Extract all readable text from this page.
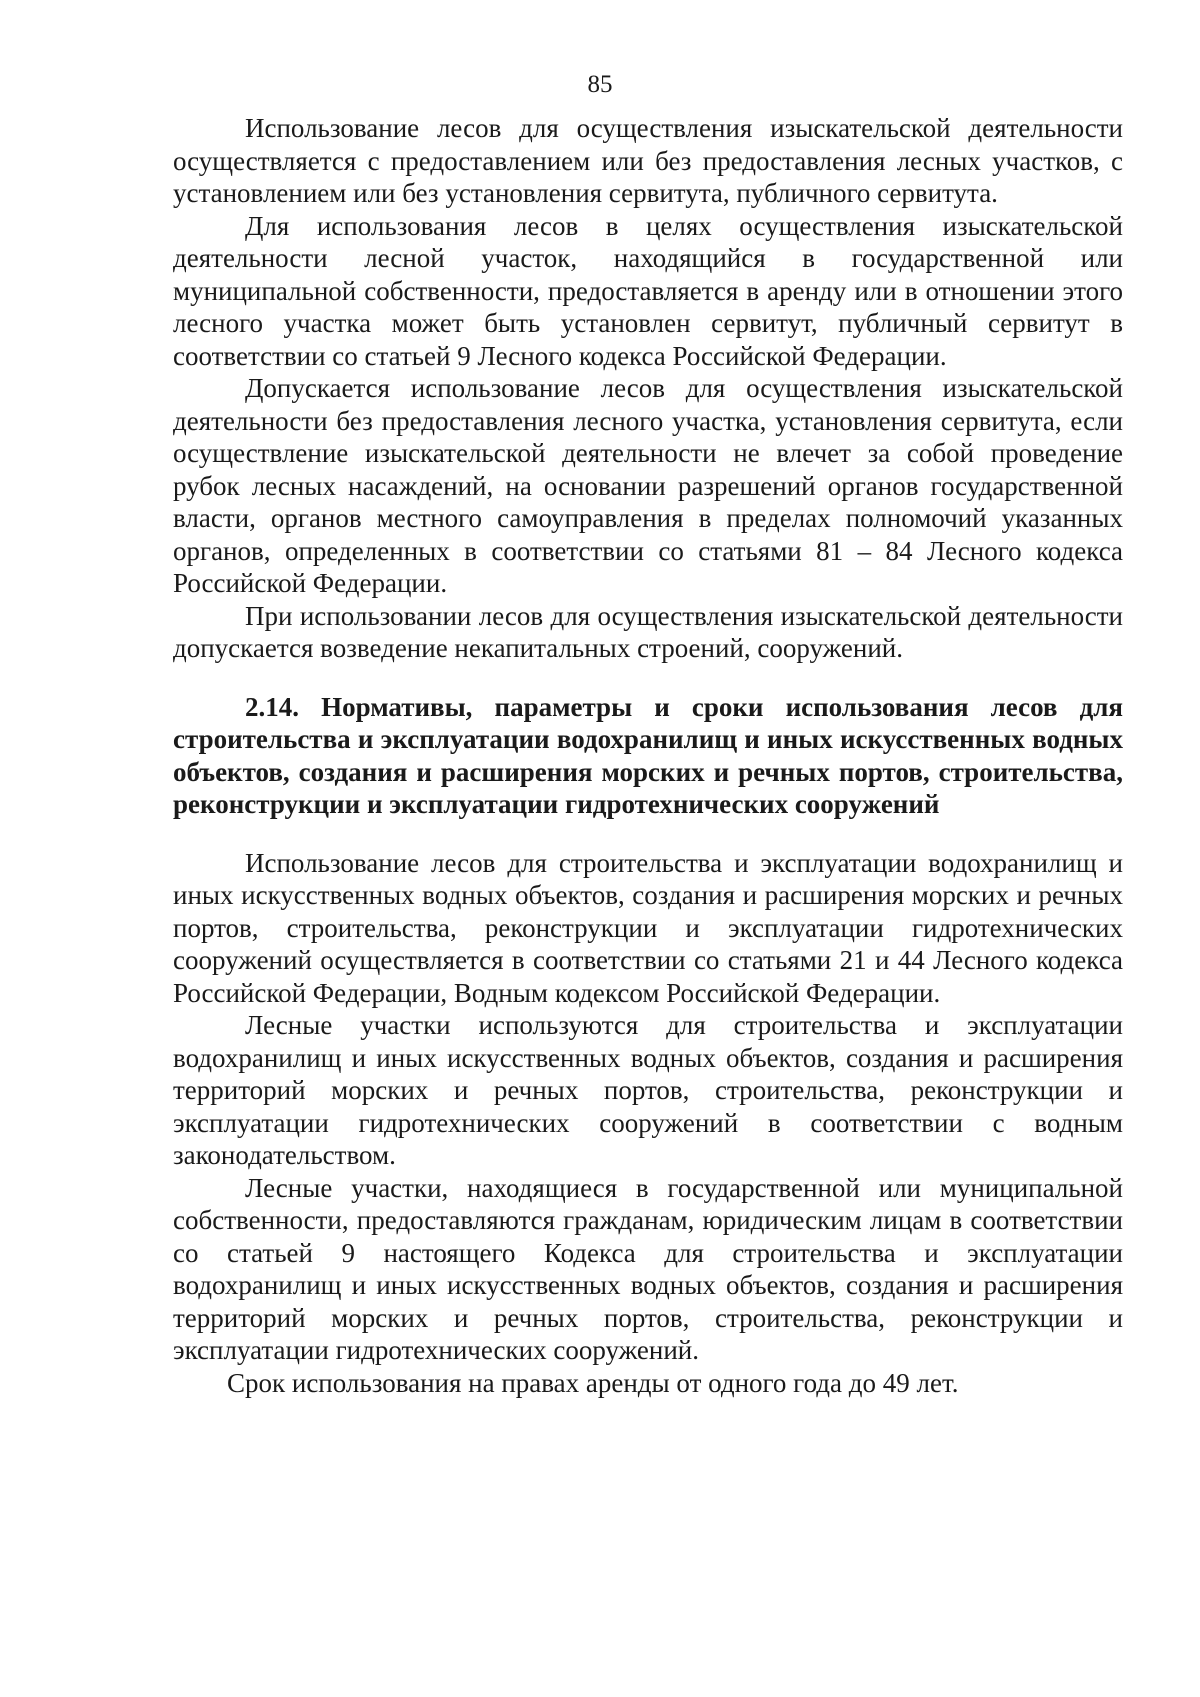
85

Использование лесов для осуществления изыскательской деятельности осуществляется с предоставлением или без предоставления лесных участков, с установлением или без установления сервитута, публичного сервитута.

Для использования лесов в целях осуществления изыскательской деятельности лесной участок, находящийся в государственной или муниципальной собственности, предоставляется в аренду или в отношении этого лесного участка может быть установлен сервитут, публичный сервитут в соответствии со статьей 9 Лесного кодекса Российской Федерации.

Допускается использование лесов для осуществления изыскательской деятельности без предоставления лесного участка, установления сервитута, если осуществление изыскательской деятельности не влечет за собой проведение рубок лесных насаждений, на основании разрешений органов государственной власти, органов местного самоуправления в пределах полномочий указанных органов, определенных в соответствии со статьями 81 – 84 Лесного кодекса Российской Федерации.

При использовании лесов для осуществления изыскательской деятельности допускается возведение некапитальных строений, сооружений.

2.14. Нормативы, параметры и сроки использования лесов для строительства и эксплуатации водохранилищ и иных искусственных водных объектов, создания и расширения морских и речных портов, строительства, реконструкции и эксплуатации гидротехнических сооружений

Использование лесов для строительства и эксплуатации водохранилищ и иных искусственных водных объектов, создания и расширения морских и речных портов, строительства, реконструкции и эксплуатации гидротехнических сооружений осуществляется в соответствии со статьями 21 и 44 Лесного кодекса Российской Федерации, Водным кодексом Российской Федерации.

Лесные участки используются для строительства и эксплуатации водохранилищ и иных искусственных водных объектов, создания и расширения территорий морских и речных портов, строительства, реконструкции и эксплуатации гидротехнических сооружений в соответствии с водным законодательством.

Лесные участки, находящиеся в государственной или муниципальной собственности, предоставляются гражданам, юридическим лицам в соответствии со статьей 9 настоящего Кодекса для строительства и эксплуатации водохранилищ и иных искусственных водных объектов, создания и расширения территорий морских и речных портов, строительства, реконструкции и эксплуатации гидротехнических сооружений.

Срок использования на правах аренды от одного года до 49 лет.
